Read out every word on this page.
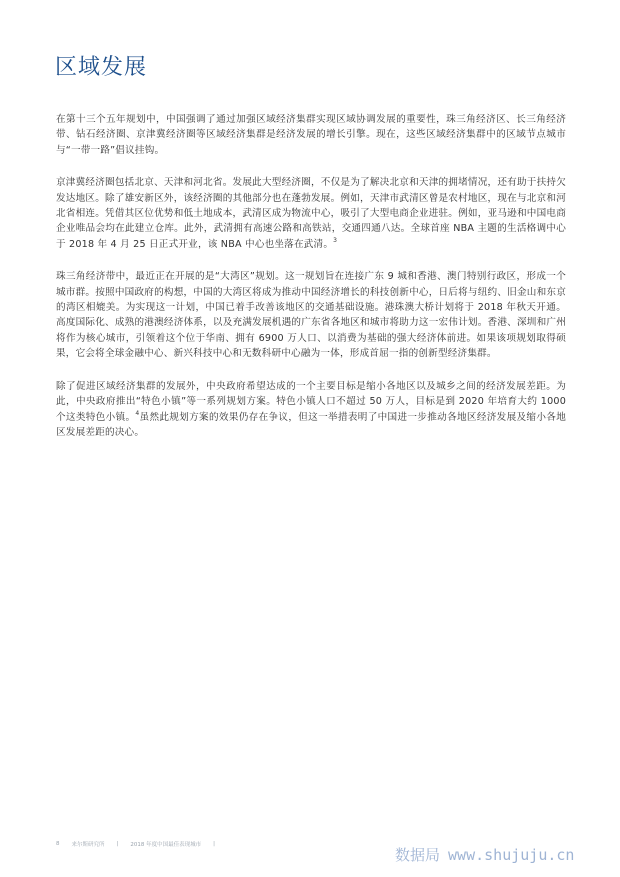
区域发展

在第十三个五年规划中，中国强调了通过加强区域经济集群实现区域协调发展的重要性，珠三角经济区、长三角经济带、钻石经济圈、京津冀经济圈等区域经济集群是经济发展的增长引擎。现在，这些区域经济集群中的区域节点城市与“一带一路”倡议挂钩。

京津冀经济圈包括北京、天津和河北省。发展此大型经济圈，不仅是为了解决北京和天津的拥堵情况，还有助于扶持欠发达地区。除了雄安新区外，该经济圈的其他部分也在蓬勃发展。例如，天津市武清区曾是农村地区，现在与北京和河北省相连。凭借其区位优势和低土地成本，武清区成为物流中心，吸引了大型电商企业进驻。例如，亚马逊和中国电商企业唯品会均在此建立仓库。此外，武清拥有高速公路和高铁站，交通四通八达。全球首座 NBA 主题的生活格调中心于 2018 年 4 月 25 日正式开业，该 NBA 中心也坐落在武清。$^3$

珠三角经济带中，最近正在开展的是“大湾区”规划。这一规划旨在连接广东 9 城和香港、澳门特别行政区，形成一个城市群。按照中国政府的构想，中国的大湾区将成为推动中国经济增长的科技创新中心，日后将与纽约、旧金山和东京的湾区相媲美。为实现这一计划，中国已着手改善该地区的交通基础设施。港珠澳大桥计划将于 2018 年秋天开通。高度国际化、成熟的港澳经济体系，以及充满发展机遇的广东省各地区和城市将助力这一宏伟计划。香港、深圳和广州将作为核心城市，引领着这个位于华南、拥有 6900 万人口、以消费为基础的强大经济体前进。如果该项规划取得硕果，它会将全球金融中心、新兴科技中心和无数科研中心融为一体，形成首屈一指的创新型经济集群。

除了促进区域经济集群的发展外，中央政府希望达成的一个主要目标是缩小各地区以及城乡之间的经济发展差距。为此，中央政府推出“特色小镇”等一系列规划方案。特色小镇人口不超过 50 万人，目标是到 2020 年培育大约 1000 个这类特色小镇。$^4$虽然此规划方案的效果仍存在争议，但这一举措表明了中国进一步推动各地区经济发展及缩小各地区发展差距的决心。

8 来尔斯研究所 | 2018 年度中国最佳表现城市 |
数据局 www.shujuju.cn
